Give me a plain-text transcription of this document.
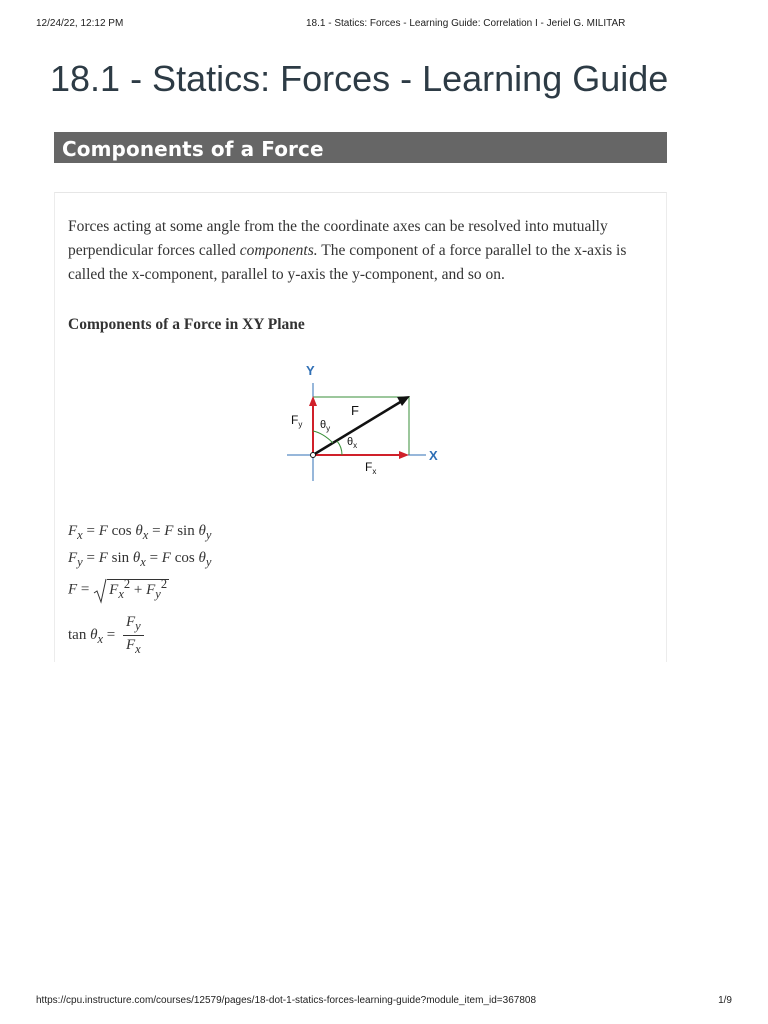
12/24/22, 12:12 PM	18.1 - Statics: Forces - Learning Guide: Correlation I - Jeriel G. MILITAR
18.1 - Statics: Forces - Learning Guide
Components of a Force

Forces acting at some angle from the the coordinate axes can be resolved into mutually perpendicular forces called components. The component of a force parallel to the x-axis is called the x-component, parallel to y-axis the y-component, and so on.

Components of a Force in XY Plane
Y
X
F
$F_y$ $\theta_y$
$\theta_x$
$F_x$
$F_x = F$ $\cos \theta_x = F$ $\sin \theta_y$
$F_y = F$ $\sin \theta_x = F$ $\cos \theta_y$
$F = F_x^2 + F_y^2$
$\tan \theta_x = \frac{F_y}{F_x}$
https://cpu.instructure.com/courses/12579/pages/18-dot-1-statics-forces-learning-guide?module_item_id=367808	1/9
